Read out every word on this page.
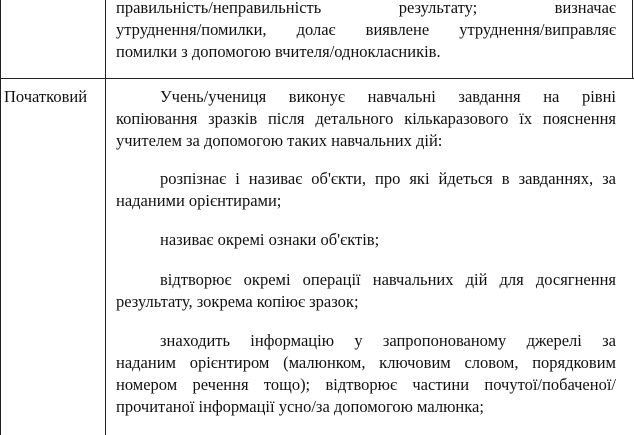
правильність/неправильність результату; визначає
утруднення/помилки, долає виявлене утруднення/виправляє
помилки з допомогою вчителя/однокласників.
Початковий	Учень/учениця виконує навчальні завдання на рівні
копіювання зразків після детального кількаразового їх пояснення
учителем за допомогою таких навчальних дій:
розпізнає і називає об'єкти, про які йдеться в завданнях, за
наданими орієнтирами;
називає окремі ознаки об'єктів;
відтворює окремі операції навчальних дій для досягнення
результату, зокрема копіює зразок;
знаходить інформацію у запропонованому джерелі за
наданим орієнтиром (малюнком, ключовим словом, порядковим
номером речення тощо); відтворює частини почутої/побаченої/
прочитаної інформації усно/за допомогою малюнка;
